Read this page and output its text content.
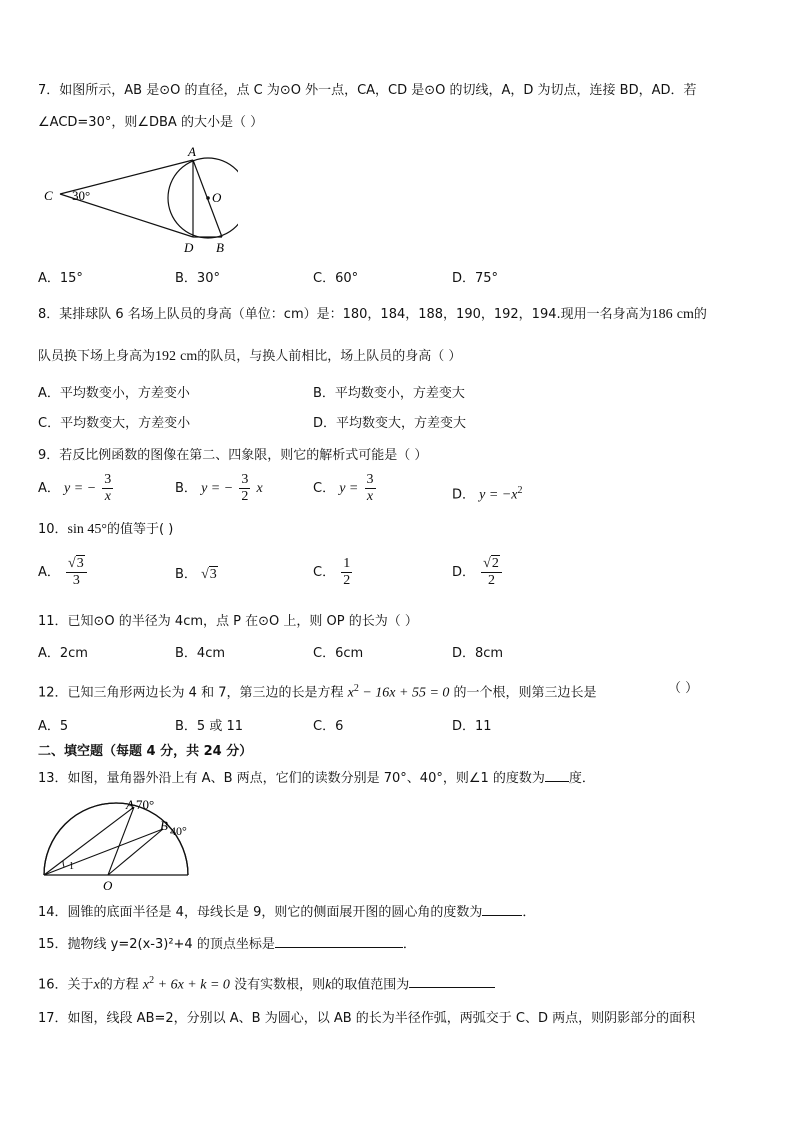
7．如图所示，AB 是⊙O 的直径，点 C 为⊙O 外一点，CA，CD 是⊙O 的切线，A，D 为切点，连接 BD，AD．若
∠ACD=30°，则∠DBA 的大小是（ ）
A
O
C
D B
30°
A．15°	B．30°	C．60°	D．75°
8．某排球队 6 名场上队员的身高（单位：cm）是：180，184，188，190，192，194.现用一名身高为186 cm的
队员换下场上身高为192 cm的队员，与换人前相比，场上队员的身高（ ）
A．平均数变小，方差变小	B．平均数变小，方差变大
C．平均数变大，方差变小	D．平均数变大，方差变大
9．若反比例函数的图像在第二、四象限，则它的解析式可能是（ ）
A． y = − $\frac{3}{x}$	B． y = − $\frac{3}{2}$ x	C． $y = \frac{3}{x}$	D． $y = -x^2$
10．sin 45°的值等于( )
A． $\frac{√3}{3}$	B． √3	C． $\frac{1}{2}$	D． $\frac{√2}{2}$
11．已知⊙O 的半径为 4cm，点 P 在⊙O 上，则 OP 的长为（ ）
A．2cm	B．4cm	C．6cm	D．8cm
12．已知三角形两边长为 4 和 7，第三边的长是方程 $x^2 - 16x + 55 = 0$ 的一个根，则第三边长是	（ ）
A．5	B．5 或 11	C．6	D．11
二、填空题（每题 4 分，共 24 分）
13．如图，量角器外沿上有 A、B 两点，它们的读数分别是 70°、40°，则∠1 的度数为 度．
A 70°
B 40°
O
1
14．圆锥的底面半径是 4，母线长是 9，则它的侧面展开图的圆心角的度数为	．
15．抛物线 y=2(x-3)²+4 的顶点坐标是	．
16．关于x的方程 $x^2 + 6x + k = 0$ 没有实数根，则k的取值范围为
17．如图，线段 AB=2，分别以 A、B 为圆心，以 AB 的长为半径作弧，两弧交于 C、D 两点，则阴影部分的面积
